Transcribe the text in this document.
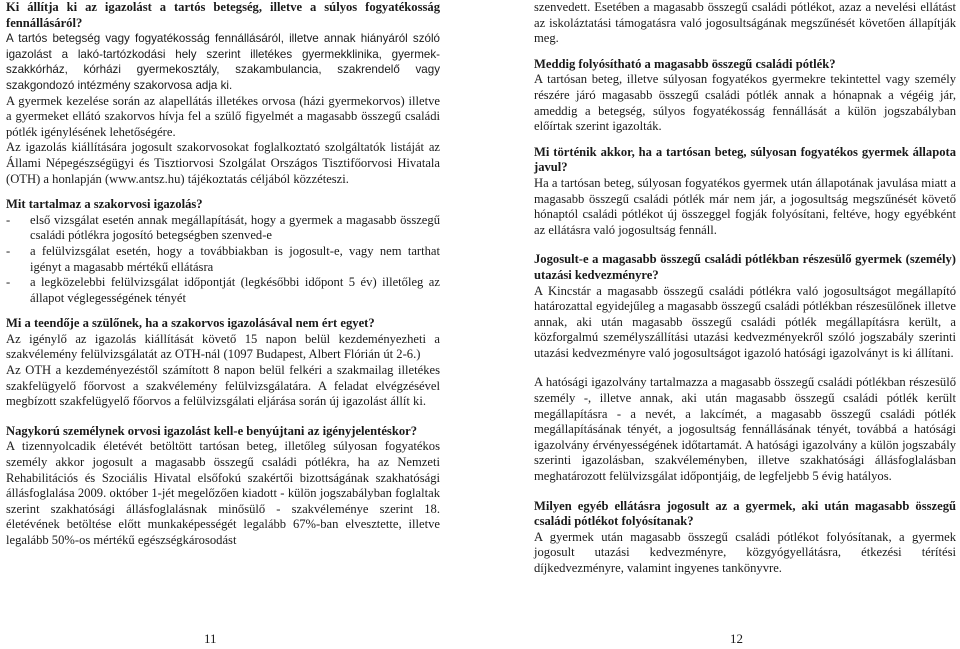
Ki állítja ki az igazolást a tartós betegség, illetve a súlyos fogyatékosság fennállásáról?

A tartós betegség vagy fogyatékosság fennállásáról, illetve annak hiányáról szóló igazolást a lakó-tartózkodási hely szerint illetékes gyermekklinika, gyermek-szakkórház, kórházi gyermekosztály, szakambulancia, szakrendelő vagy szakgondozó intézmény szakorvosa adja ki.

A gyermek kezelése során az alapellátás illetékes orvosa (házi gyermekorvos) illetve a gyermeket ellátó szakorvos hívja fel a szülő figyelmét a magasabb összegű családi pótlék igénylésének lehetőségére.

Az igazolás kiállítására jogosult szakorvosokat foglalkoztató szolgáltatók listáját az Állami Népegészségügyi és Tisztiorvosi Szolgálat Országos Tisztifőorvosi Hivatala (OTH) a honlapján (www.antsz.hu) tájékoztatás céljából közzéteszi.

Mit tartalmaz a szakorvosi igazolás?
- első vizsgálat esetén annak megállapítását, hogy a gyermek a magasabb összegű családi pótlékra jogosító betegségben szenved-e
- a felülvizsgálat esetén, hogy a továbbiakban is jogosult-e, vagy nem tarthat igényt a magasabb mértékű ellátásra
- a legközelebbi felülvizsgálat időpontját (legkésőbbi időpont 5 év) illetőleg az állapot véglegességének tényét
Mi a teendője a szülőnek, ha a szakorvos igazolásával nem ért egyet?

Az igénylő az igazolás kiállítását követő 15 napon belül kezdeményezheti a szakvélemény felülvizsgálatát az OTH-nál (1097 Budapest, Albert Flórián út 2-6.)

Az OTH a kezdeményezéstől számított 8 napon belül felkéri a szakmailag illetékes szakfelügyelő főorvost a szakvélemény felülvizsgálatára. A feladat elvégzésével megbízott szakfelügyelő főorvos a felülvizsgálati eljárása során új igazolást állít ki.

Nagykorú személynek orvosi igazolást kell-e benyújtani az igényjelentéskor?

A tizennyolcadik életévét betöltött tartósan beteg, illetőleg súlyosan fogyatékos személy akkor jogosult a magasabb összegű családi pótlékra, ha az Nemzeti Rehabilitációs és Szociális Hivatal elsőfokú szakértői bizottságának szakhatósági állásfoglalása 2009. október 1-jét megelőzően kiadott - külön jogszabályban foglaltak szerint szakhatósági állásfoglalásnak minősülő - szakvéleménye szerint 18. életévének betöltése előtt munkaképességét legalább 67%-ban elvesztette, illetve legalább 50%-os mértékű egészségkárosodást

11

szenvedett. Esetében a magasabb összegű családi pótlékot, azaz a nevelési ellátást az iskoláztatási támogatásra való jogosultságának megszűnését követően állapítják meg.

Meddig folyósítható a magasabb összegű családi pótlék?

A tartósan beteg, illetve súlyosan fogyatékos gyermekre tekintettel vagy személy részére járó magasabb összegű családi pótlék annak a hónapnak a végéig jár, ameddig a betegség, súlyos fogyatékosság fennállását a külön jogszabályban előírtak szerint igazolták.

Mi történik akkor, ha a tartósan beteg, súlyosan fogyatékos gyermek állapota javul?

Ha a tartósan beteg, súlyosan fogyatékos gyermek után állapotának javulása miatt a magasabb összegű családi pótlék már nem jár, a jogosultság megszűnését követő hónaptól családi pótlékot új összeggel fogják folyósítani, feltéve, hogy egyébként az ellátásra való jogosultság fennáll.

Jogosult-e a magasabb összegű családi pótlékban részesülő gyermek (személy) utazási kedvezményre?

A Kincstár a magasabb összegű családi pótlékra való jogosultságot megállapító határozattal egyidejűleg a magasabb összegű családi pótlékban részesülőnek illetve annak, aki után magasabb összegű családi pótlék megállapításra került, a közforgalmú személyszállítási utazási kedvezményekről szóló jogszabály szerinti utazási kedvezményre való jogosultságot igazoló hatósági igazolványt is ki állítani.

A hatósági igazolvány tartalmazza a magasabb összegű családi pótlékban részesülő személy -, illetve annak, aki után magasabb összegű családi pótlék került megállapításra - a nevét, a lakcímét, a magasabb összegű családi pótlék megállapításának tényét, a jogosultság fennállásának tényét, továbbá a hatósági igazolvány érvényességének időtartamát. A hatósági igazolvány a külön jogszabály szerinti igazolásban, szakvéleményben, illetve szakhatósági állásfoglalásban meghatározott felülvizsgálat időpontjáig, de legfeljebb 5 évig hatályos.

Milyen egyéb ellátásra jogosult az a gyermek, aki után magasabb összegű családi pótlékot folyósítanak?

A gyermek után magasabb összegű családi pótlékot folyósítanak, a gyermek jogosult utazási kedvezményre, közgyógyellátásra, étkezési térítési díjkedvezményre, valamint ingyenes tankönyvre.

12
